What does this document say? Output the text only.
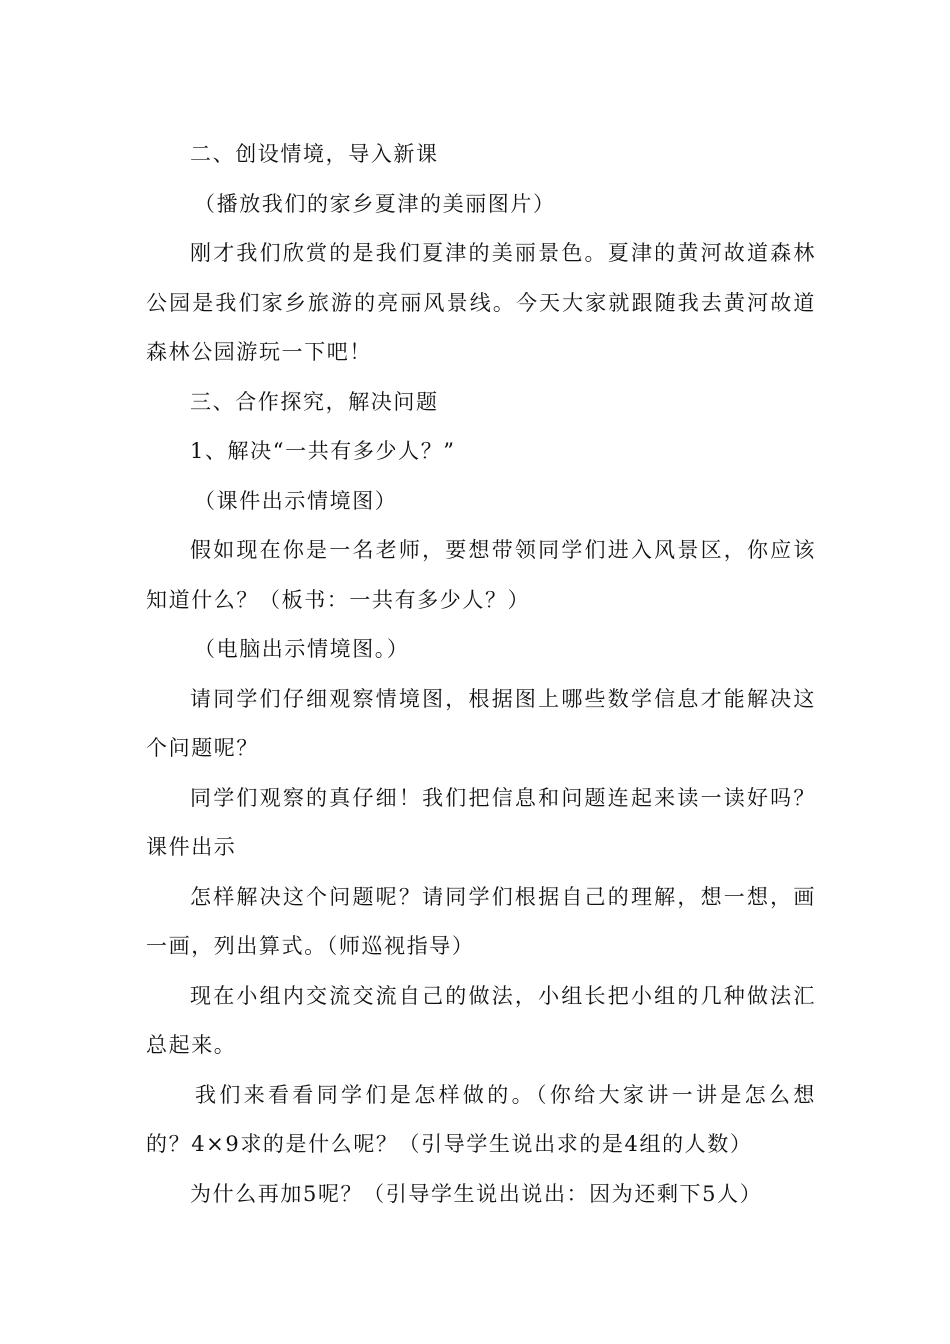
二、创设情境，导入新课

（播放我们的家乡夏津的美丽图片）

刚才我们欣赏的是我们夏津的美丽景色。夏津的黄河故道森林公园是我们家乡旅游的亮丽风景线。今天大家就跟随我去黄河故道森林公园游玩一下吧！

三、合作探究，解决问题

1、解决“一共有多少人？”

（课件出示情境图）

假如现在你是一名老师，要想带领同学们进入风景区，你应该知道什么？（板书：一共有多少人？）

（电脑出示情境图。）

请同学们仔细观察情境图，根据图上哪些数学信息才能解决这个问题呢？

同学们观察的真仔细！我们把信息和问题连起来读一读好吗？课件出示

怎样解决这个问题呢？请同学们根据自己的理解，想一想，画一画，列出算式。（师巡视指导）

现在小组内交流交流自己的做法，小组长把小组的几种做法汇总起来。

我们来看看同学们是怎样做的。（你给大家讲一讲是怎么想的？4×9求的是什么呢？（引导学生说出求的是4组的人数）

为什么再加5呢？（引导学生说出说出：因为还剩下5人）
